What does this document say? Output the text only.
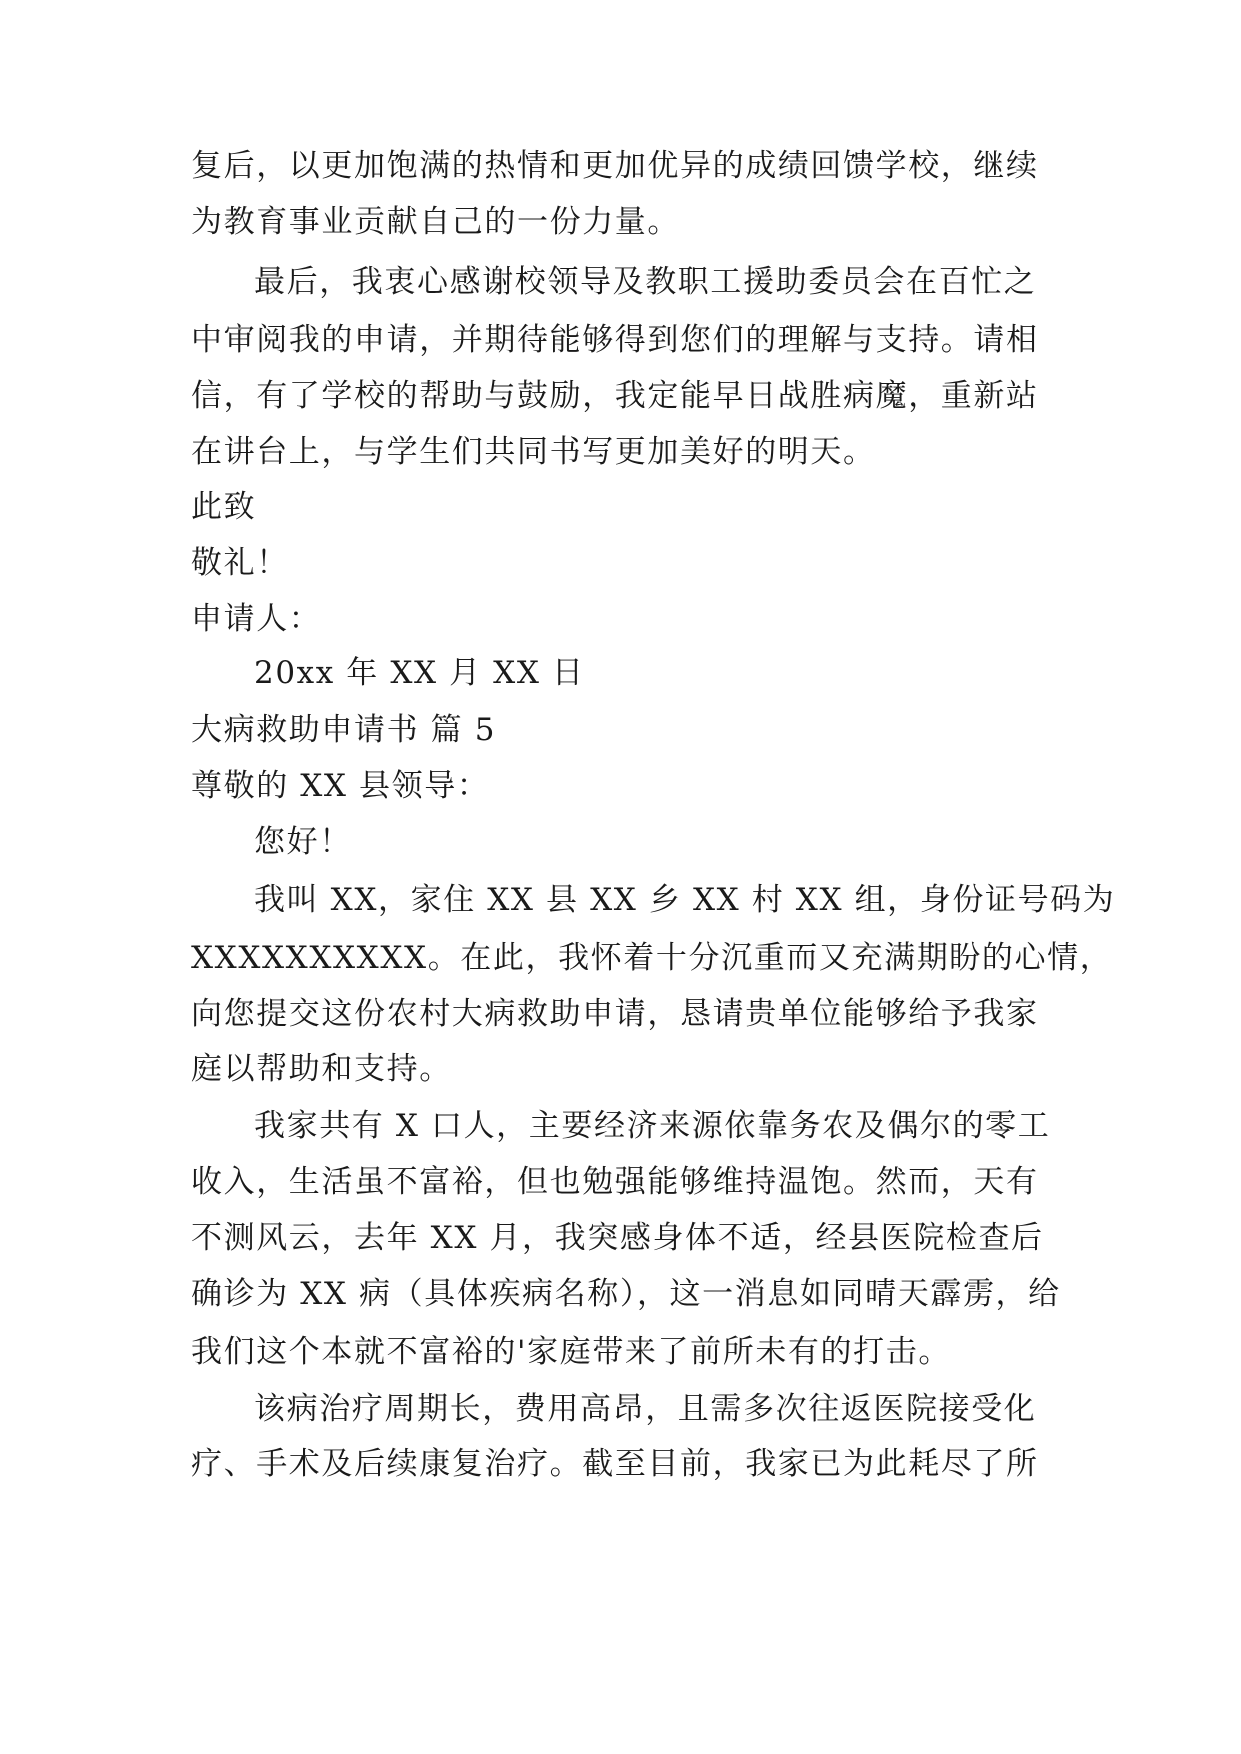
复后，以更加饱满的热情和更加优异的成绩回馈学校，继续
为教育事业贡献自己的一份力量。
最后，我衷心感谢校领导及教职工援助委员会在百忙之
中审阅我的申请，并期待能够得到您们的理解与支持。请相
信，有了学校的帮助与鼓励，我定能早日战胜病魔，重新站
在讲台上，与学生们共同书写更加美好的明天。
此致
敬礼！
申请人：
20xx 年 XX 月 XX 日
大病救助申请书 篇 5
尊敬的 XX 县领导：
您好！
我叫 XX，家住 XX 县 XX 乡 XX 村 XX 组，身份证号码为
XXXXXXXXXX。在此，我怀着十分沉重而又充满期盼的心情，
向您提交这份农村大病救助申请，恳请贵单位能够给予我家
庭以帮助和支持。
我家共有 X 口人，主要经济来源依靠务农及偶尔的零工
收入，生活虽不富裕，但也勉强能够维持温饱。然而，天有
不测风云，去年 XX 月，我突感身体不适，经县医院检查后
确诊为 XX 病（具体疾病名称），这一消息如同晴天霹雳，给
我们这个本就不富裕的'家庭带来了前所未有的打击。
该病治疗周期长，费用高昂，且需多次往返医院接受化
疗、手术及后续康复治疗。截至目前，我家已为此耗尽了所
